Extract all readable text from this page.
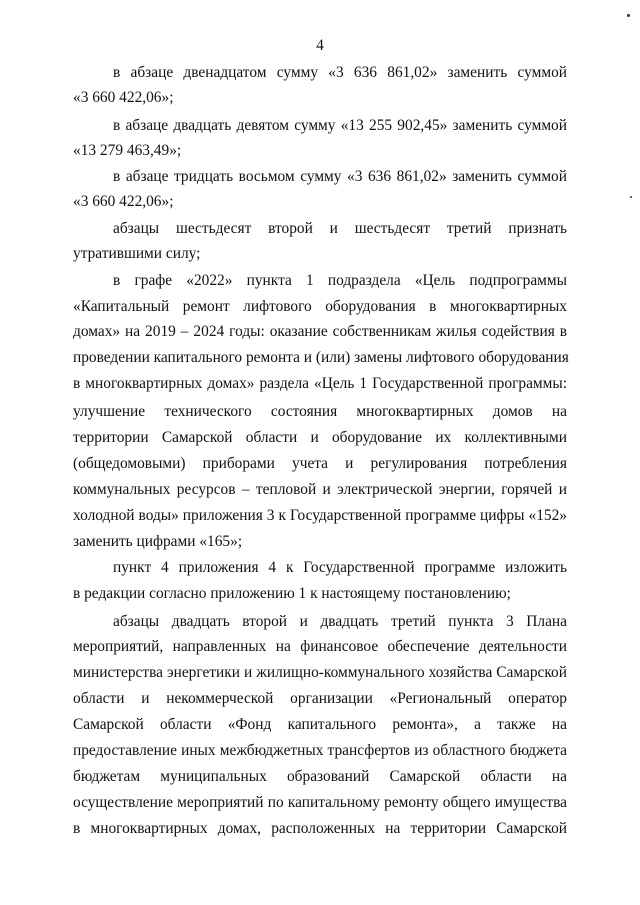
4
в абзаце двенадцатом сумму «3 636 861,02» заменить суммой
«3 660 422,06»;
в абзаце двадцать девятом сумму «13 255 902,45» заменить суммой
«13 279 463,49»;
в абзаце тридцать восьмом сумму «3 636 861,02» заменить суммой
«3 660 422,06»;
абзацы шестьдесят второй и шестьдесят третий признать
утратившими силу;
в графе «2022» пункта 1 подраздела «Цель подпрограммы
«Капитальный ремонт лифтового оборудования в многоквартирных
домах» на 2019 – 2024 годы: оказание собственникам жилья содействия в
проведении капитального ремонта и (или) замены лифтового оборудования
в многоквартирных домах» раздела «Цель 1 Государственной программы:
улучшение технического состояния многоквартирных домов на
территории Самарской области и оборудование их коллективными
(общедомовыми) приборами учета и регулирования потребления
коммунальных ресурсов – тепловой и электрической энергии, горячей и
холодной воды» приложения 3 к Государственной программе цифры «152»
заменить цифрами «165»;
пункт 4 приложения 4 к Государственной программе изложить
в редакции согласно приложению 1 к настоящему постановлению;
абзацы двадцать второй и двадцать третий пункта 3 Плана
мероприятий, направленных на финансовое обеспечение деятельности
министерства энергетики и жилищно-коммунального хозяйства Самарской
области и некоммерческой организации «Региональный оператор
Самарской области «Фонд капитального ремонта», а также на
предоставление иных межбюджетных трансфертов из областного бюджета
бюджетам муниципальных образований Самарской области на
осуществление мероприятий по капитальному ремонту общего имущества
в многоквартирных домах, расположенных на территории Самарской
